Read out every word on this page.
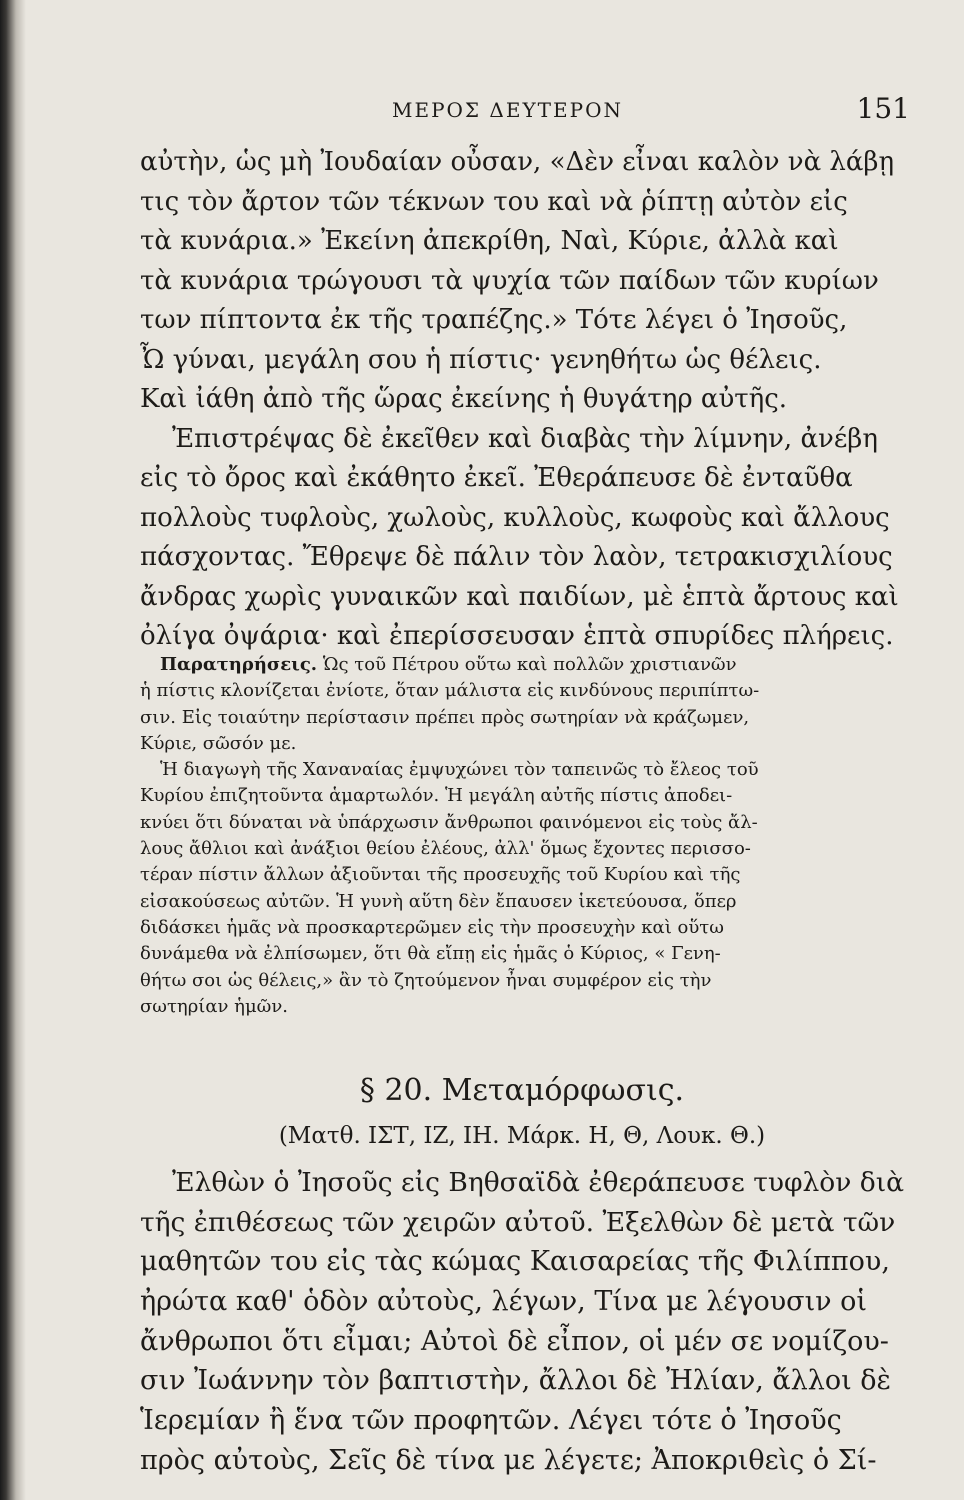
ΜΕΡΟΣ ΔΕΥΤΕΡΟΝ	151
αὐτὴν, ὡς μὴ Ἰουδαίαν οὖσαν, «Δὲν εἶναι καλὸν νὰ λάβῃ
τις τὸν ἄρτον τῶν τέκνων του καὶ νὰ ῥίπτῃ αὐτὸν εἰς
τὰ κυνάρια.» Ἐκείνη ἀπεκρίθη, Ναὶ, Κύριε, ἀλλὰ καὶ
τὰ κυνάρια τρώγουσι τὰ ψυχία τῶν παίδων τῶν κυρίων
των πίπτοντα ἐκ τῆς τραπέζης.» Τότε λέγει ὁ Ἰησοῦς,
Ὦ γύναι, μεγάλη σου ἡ πίστις· γενηθήτω ὡς θέλεις.
Καὶ ἰάθη ἀπὸ τῆς ὥρας ἐκείνης ἡ θυγάτηρ αὐτῆς.
Ἐπιστρέψας δὲ ἐκεῖθεν καὶ διαβὰς τὴν λίμνην, ἀνέβη
εἰς τὸ ὄρος καὶ ἐκάθητο ἐκεῖ. Ἐθεράπευσε δὲ ἐνταῦθα
πολλοὺς τυφλοὺς, χωλοὺς, κυλλοὺς, κωφοὺς καὶ ἄλλους
πάσχοντας. Ἔθρεψε δὲ πάλιν τὸν λαὸν, τετρακισχιλίους
ἄνδρας χωρὶς γυναικῶν καὶ παιδίων, μὲ ἑπτὰ ἄρτους καὶ
ὀλίγα ὀψάρια· καὶ ἐπερίσσευσαν ἑπτὰ σπυρίδες πλήρεις.
Παρατηρήσεις. Ὡς τοῦ Πέτρου οὕτω καὶ πολλῶν χριστιανῶν
ἡ πίστις κλονίζεται ἐνίοτε, ὅταν μάλιστα εἰς κινδύνους περιπίπτω-
σιν. Εἰς τοιαύτην περίστασιν πρέπει πρὸς σωτηρίαν νὰ κράζωμεν,
Κύριε, σῶσόν με.
Ἡ διαγωγὴ τῆς Χαναναίας ἐμψυχώνει τὸν ταπεινῶς τὸ ἔλεος τοῦ
Κυρίου ἐπιζητοῦντα ἁμαρτωλόν. Ἡ μεγάλη αὐτῆς πίστις ἀποδει-
κνύει ὅτι δύναται νὰ ὑπάρχωσιν ἄνθρωποι φαινόμενοι εἰς τοὺς ἄλ-
λους ἄθλιοι καὶ ἀνάξιοι θείου ἐλέους, ἀλλ' ὅμως ἔχοντες περισσο-
τέραν πίστιν ἄλλων ἀξιοῦνται τῆς προσευχῆς τοῦ Κυρίου καὶ τῆς
εἰσακούσεως αὐτῶν. Ἡ γυνὴ αὕτη δὲν ἔπαυσεν ἱκετεύουσα, ὅπερ
διδάσκει ἡμᾶς νὰ προσκαρτερῶμεν εἰς τὴν προσευχὴν καὶ οὕτω
δυνάμεθα νὰ ἐλπίσωμεν, ὅτι θὰ εἴπῃ εἰς ἡμᾶς ὁ Κύριος, « Γενη-
θήτω σοι ὡς θέλεις,» ἂν τὸ ζητούμενον ἦναι συμφέρον εἰς τὴν
σωτηρίαν ἡμῶν.
§ 20. Μεταμόρφωσις.
(Ματθ. ΙΣΤ, ΙΖ, ΙΗ. Μάρκ. Η, Θ, Λουκ. Θ.)
Ἐλθὼν ὁ Ἰησοῦς εἰς Βηθσαϊδὰ ἐθεράπευσε τυφλὸν διὰ
τῆς ἐπιθέσεως τῶν χειρῶν αὐτοῦ. Ἐξελθὼν δὲ μετὰ τῶν
μαθητῶν του εἰς τὰς κώμας Καισαρείας τῆς Φιλίππου,
ἠρώτα καθ' ὁδὸν αὐτοὺς, λέγων, Τίνα με λέγουσιν οἱ
ἄνθρωποι ὅτι εἶμαι; Αὐτοὶ δὲ εἶπον, οἱ μέν σε νομίζου-
σιν Ἰωάννην τὸν βαπτιστὴν, ἄλλοι δὲ Ἠλίαν, ἄλλοι δὲ
Ἱερεμίαν ἢ ἕνα τῶν προφητῶν. Λέγει τότε ὁ Ἰησοῦς
πρὸς αὐτοὺς, Σεῖς δὲ τίνα με λέγετε; Ἀποκριθεὶς ὁ Σί-
